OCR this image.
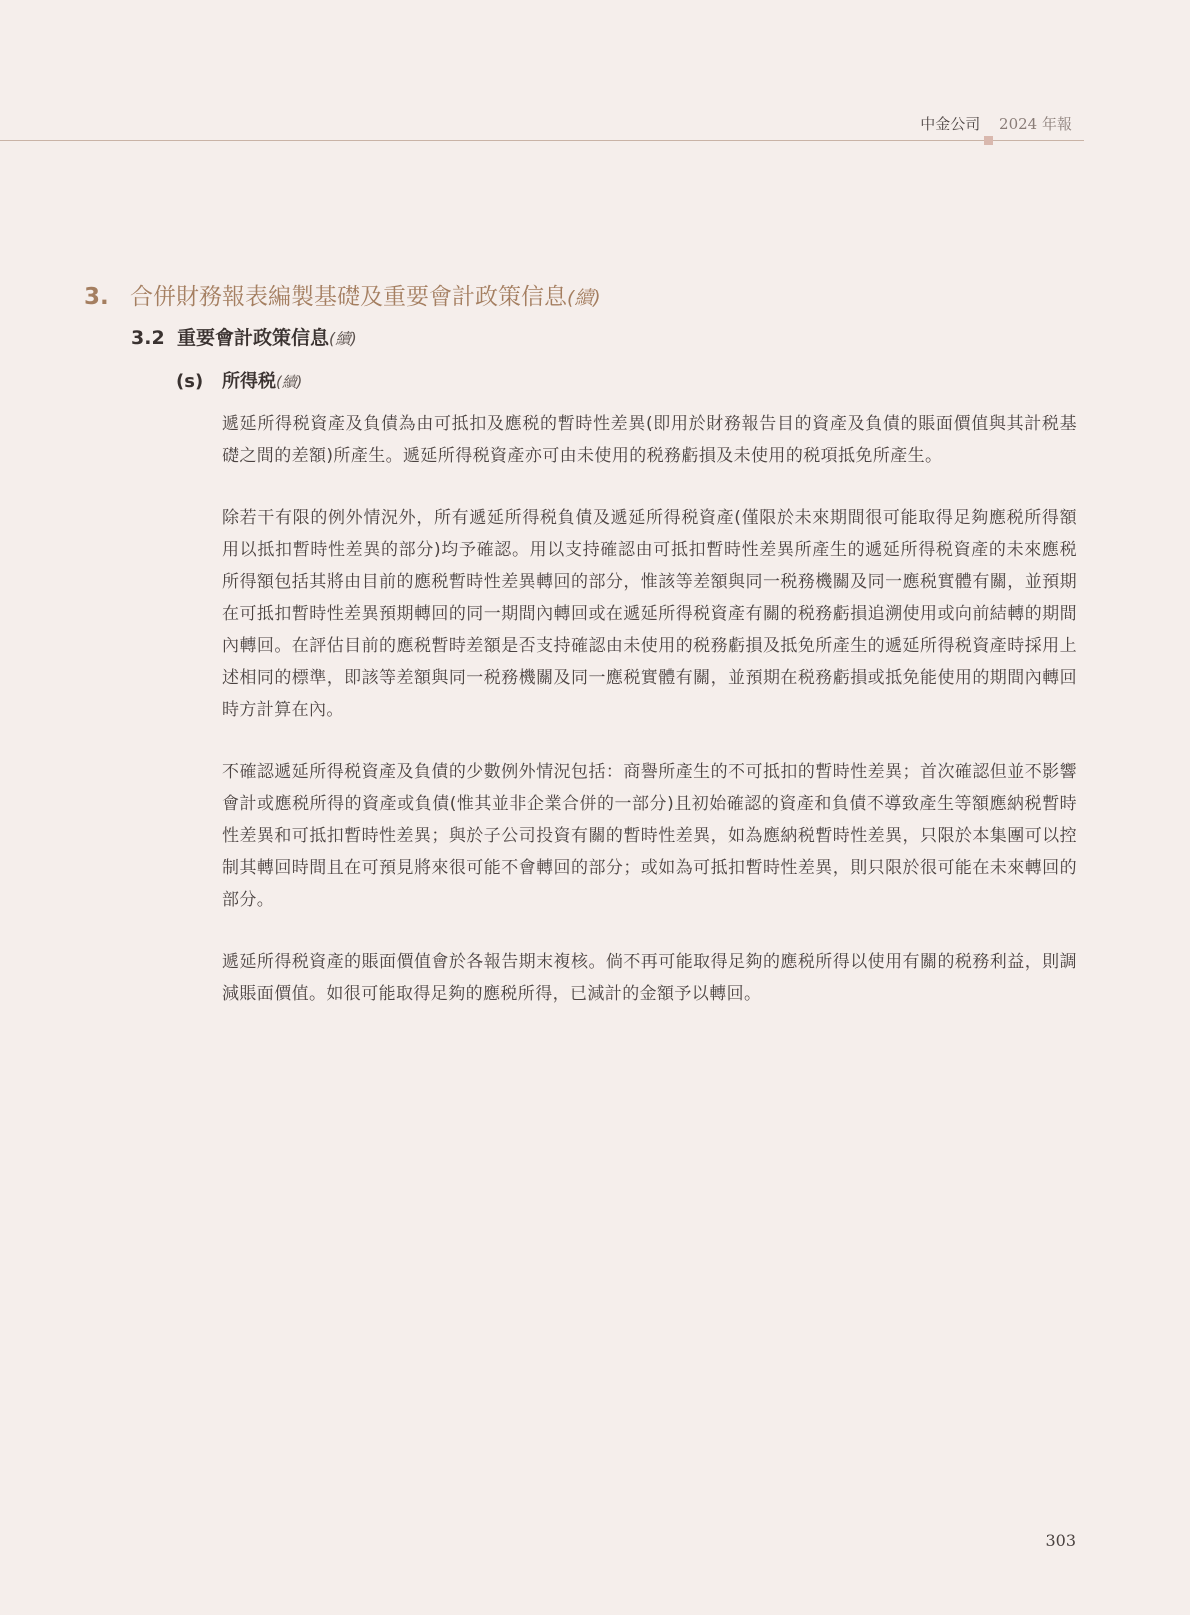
中金公司 2024 年報
3. 合併財務報表編製基礎及重要會計政策信息(續)
3.2 重要會計政策信息(續)
(s) 所得税(續)

遞延所得税資產及負債為由可抵扣及應税的暫時性差異(即用於財務報告目的資產及負債的賬面價值與其計税基礎之間的差額)所產生。遞延所得税資產亦可由未使用的税務虧損及未使用的税項抵免所產生。

除若干有限的例外情況外，所有遞延所得税負債及遞延所得税資產(僅限於未來期間很可能取得足夠應税所得額用以抵扣暫時性差異的部分)均予確認。用以支持確認由可抵扣暫時性差異所產生的遞延所得税資產的未來應税所得額包括其將由目前的應税暫時性差異轉回的部分，惟該等差額與同一税務機關及同一應税實體有關，並預期在可抵扣暫時性差異預期轉回的同一期間內轉回或在遞延所得税資產有關的税務虧損追溯使用或向前結轉的期間內轉回。在評估目前的應税暫時差額是否支持確認由未使用的税務虧損及抵免所產生的遞延所得税資產時採用上述相同的標準，即該等差額與同一税務機關及同一應税實體有關，並預期在税務虧損或抵免能使用的期間內轉回時方計算在內。

不確認遞延所得税資產及負債的少數例外情況包括：商譽所產生的不可抵扣的暫時性差異；首次確認但並不影響會計或應税所得的資產或負債(惟其並非企業合併的一部分)且初始確認的資產和負債不導致產生等額應納税暫時性差異和可抵扣暫時性差異；與於子公司投資有關的暫時性差異，如為應納税暫時性差異，只限於本集團可以控制其轉回時間且在可預見將來很可能不會轉回的部分；或如為可抵扣暫時性差異，則只限於很可能在未來轉回的部分。

遞延所得税資產的賬面價值會於各報告期末複核。倘不再可能取得足夠的應税所得以使用有關的税務利益，則調減賬面價值。如很可能取得足夠的應税所得，已減計的金額予以轉回。

303
